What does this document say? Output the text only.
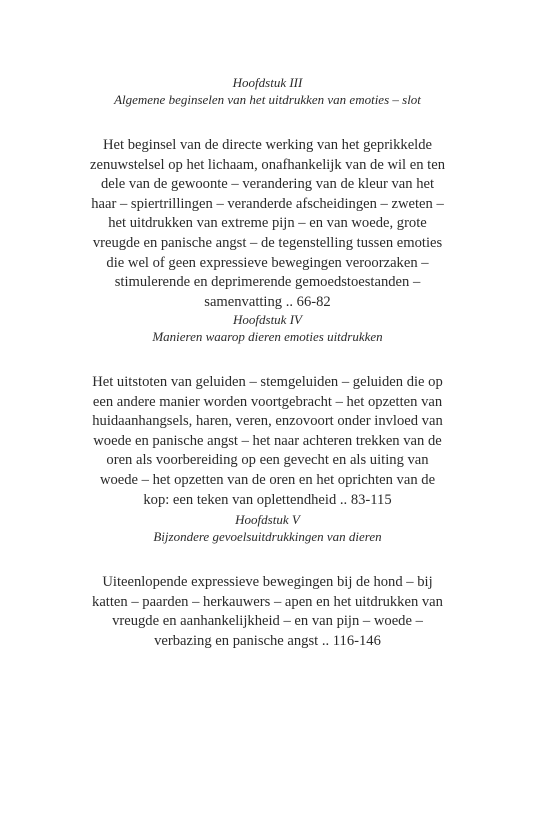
Hoofdstuk III

Algemene beginselen van het uitdrukken van emoties – slot

Het beginsel van de directe werking van het geprikkelde
zenuwstelsel op het lichaam, onafhankelijk van de wil en ten
dele van de gewoonte – verandering van de kleur van het
haar – spiertrillingen – veranderde afscheidingen – zweten –
het uitdrukken van extreme pijn – en van woede, grote
vreugde en panische angst – de tegenstelling tussen emoties
die wel of geen expressieve bewegingen veroorzaken –
stimulerende en deprimerende gemoedstoestanden –
samenvatting .. 66-82

Hoofdstuk IV

Manieren waarop dieren emoties uitdrukken

Het uitstoten van geluiden – stemgeluiden – geluiden die op
een andere manier worden voortgebracht – het opzetten van
huidaanhangsels, haren, veren, enzovoort onder invloed van
woede en panische angst – het naar achteren trekken van de
oren als voorbereiding op een gevecht en als uiting van
woede – het opzetten van de oren en het oprichten van de
kop: een teken van oplettendheid .. 83-115

Hoofdstuk V

Bijzondere gevoelsuitdrukkingen van dieren

Uiteenlopende expressieve bewegingen bij de hond – bij
katten – paarden – herkauwers – apen en het uitdrukken van
vreugde en aanhankelijkheid – en van pijn – woede –
verbazing en panische angst .. 116-146
